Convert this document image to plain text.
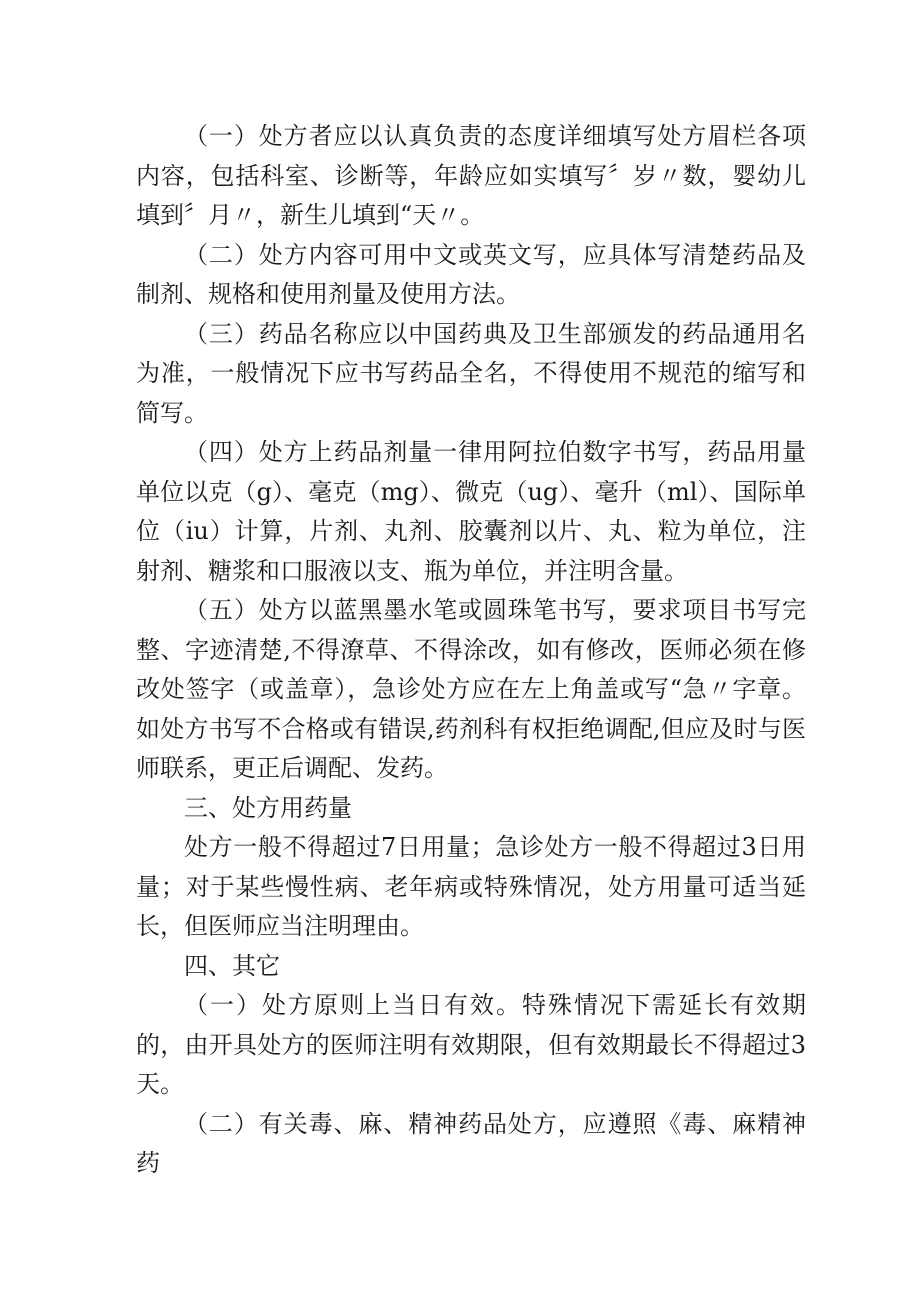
（一）处方者应以认真负责的态度详细填写处方眉栏各项内容，包括科室、诊断等，年龄应如实填写〞岁〃数，婴幼儿填到〞月〃，新生儿填到“天〃。

（二）处方内容可用中文或英文写，应具体写清楚药品及制剂、规格和使用剂量及使用方法。

（三）药品名称应以中国药典及卫生部颁发的药品通用名为准，一般情况下应书写药品全名，不得使用不规范的缩写和简写。

（四）处方上药品剂量一律用阿拉伯数字书写，药品用量单位以克（g）、毫克（mg）、微克（ug）、毫升（ml）、国际单位（iu）计算，片剂、丸剂、胶囊剂以片、丸、粒为单位，注射剂、糖浆和口服液以支、瓶为单位，并注明含量。

（五）处方以蓝黑墨水笔或圆珠笔书写，要求项目书写完整、字迹清楚,不得潦草、不得涂改，如有修改，医师必须在修改处签字（或盖章），急诊处方应在左上角盖或写“急〃字章。如处方书写不合格或有错误,药剂科有权拒绝调配,但应及时与医师联系，更正后调配、发药。

三、处方用药量

处方一般不得超过7日用量；急诊处方一般不得超过3日用量；对于某些慢性病、老年病或特殊情况，处方用量可适当延长，但医师应当注明理由。

四、其它

（一）处方原则上当日有效。特殊情况下需延长有效期的，由开具处方的医师注明有效期限，但有效期最长不得超过3天。

（二）有关毒、麻、精神药品处方，应遵照《毒、麻精神药
